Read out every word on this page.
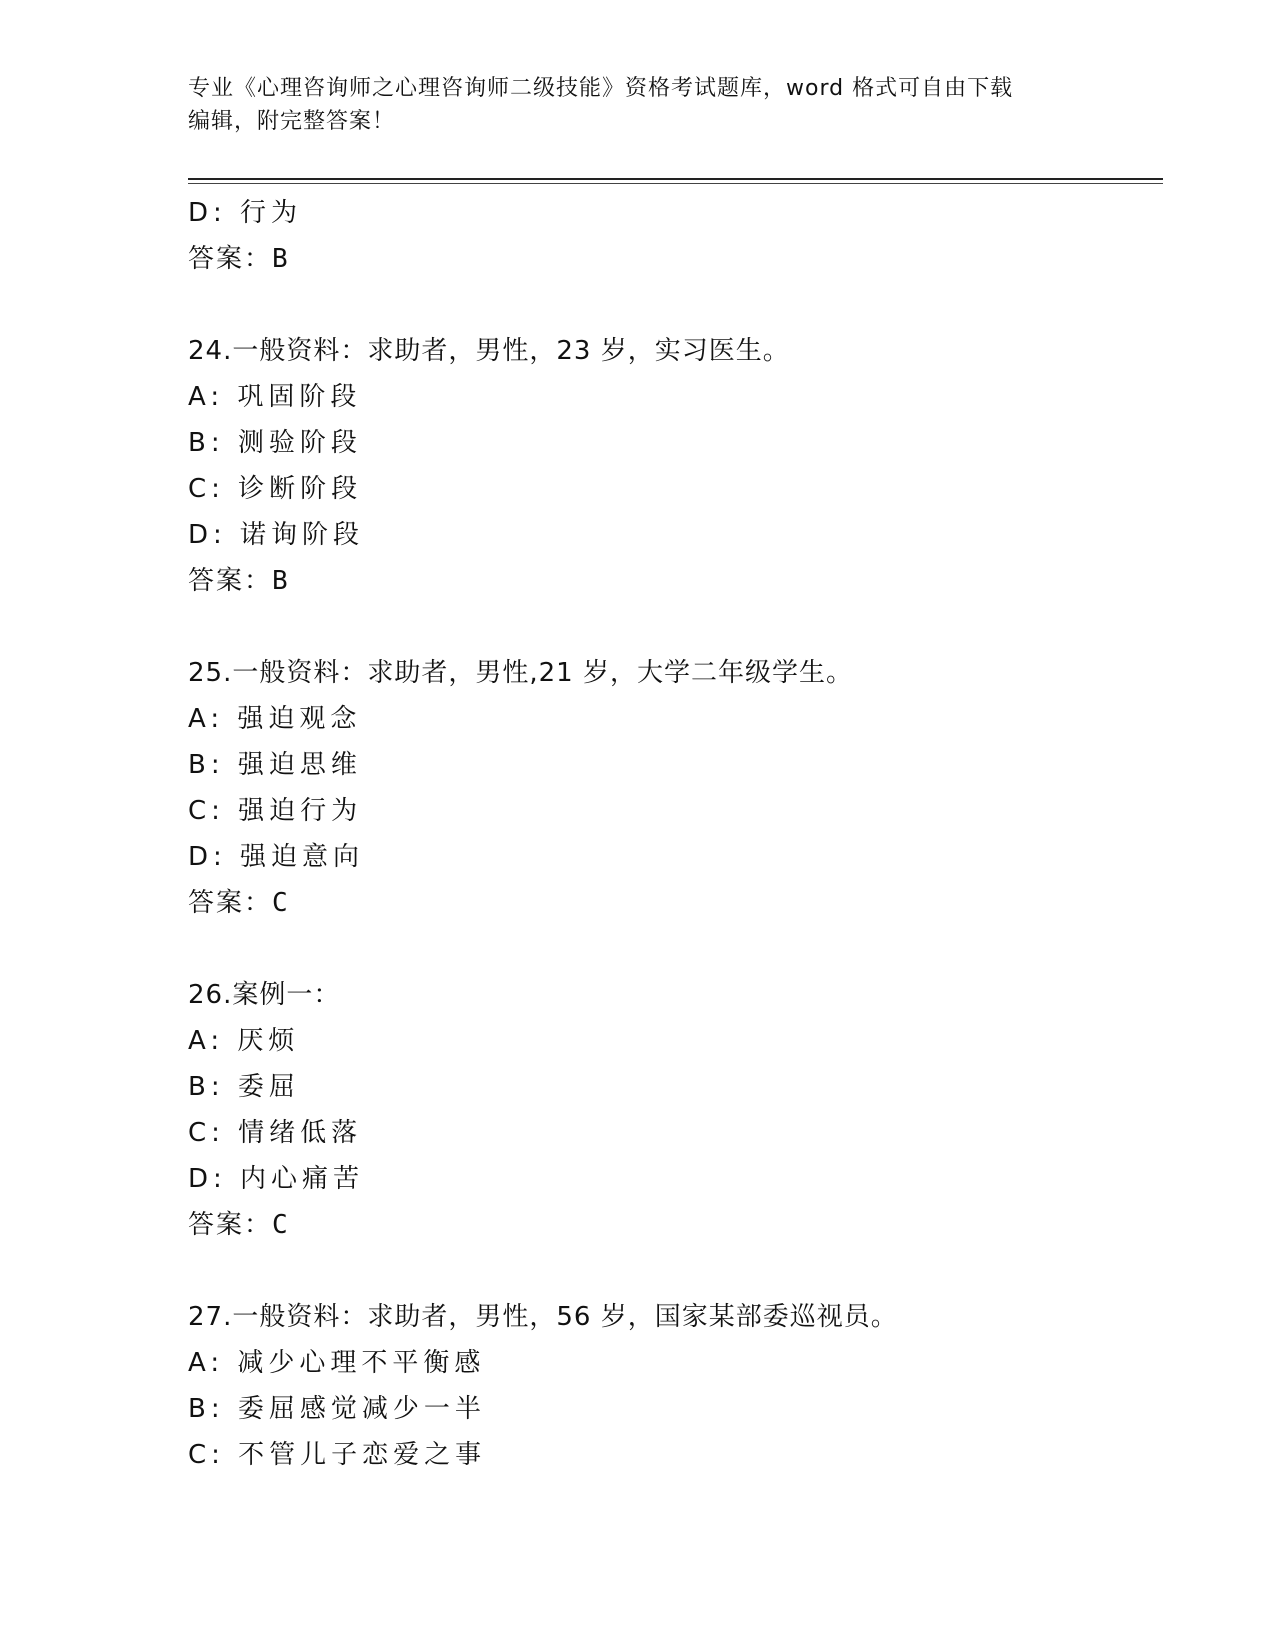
专业《心理咨询师之心理咨询师二级技能》资格考试题库，word 格式可自由下载
编辑，附完整答案！
D: 行为
答案：B
24.一般资料：求助者，男性，23 岁，实习医生。
A: 巩固阶段
B: 测验阶段
C: 诊断阶段
D: 诺询阶段
答案：B
25.一般资料：求助者，男性,21 岁，大学二年级学生。
A: 强迫观念
B: 强迫思维
C: 强迫行为
D: 强迫意向
答案：C
26.案例一：
A: 厌烦
B: 委屈
C: 情绪低落
D: 内心痛苦
答案：C
27.一般资料：求助者，男性，56 岁，国家某部委巡视员。
A: 减少心理不平衡感
B: 委屈感觉减少一半
C: 不管儿子恋爱之事
